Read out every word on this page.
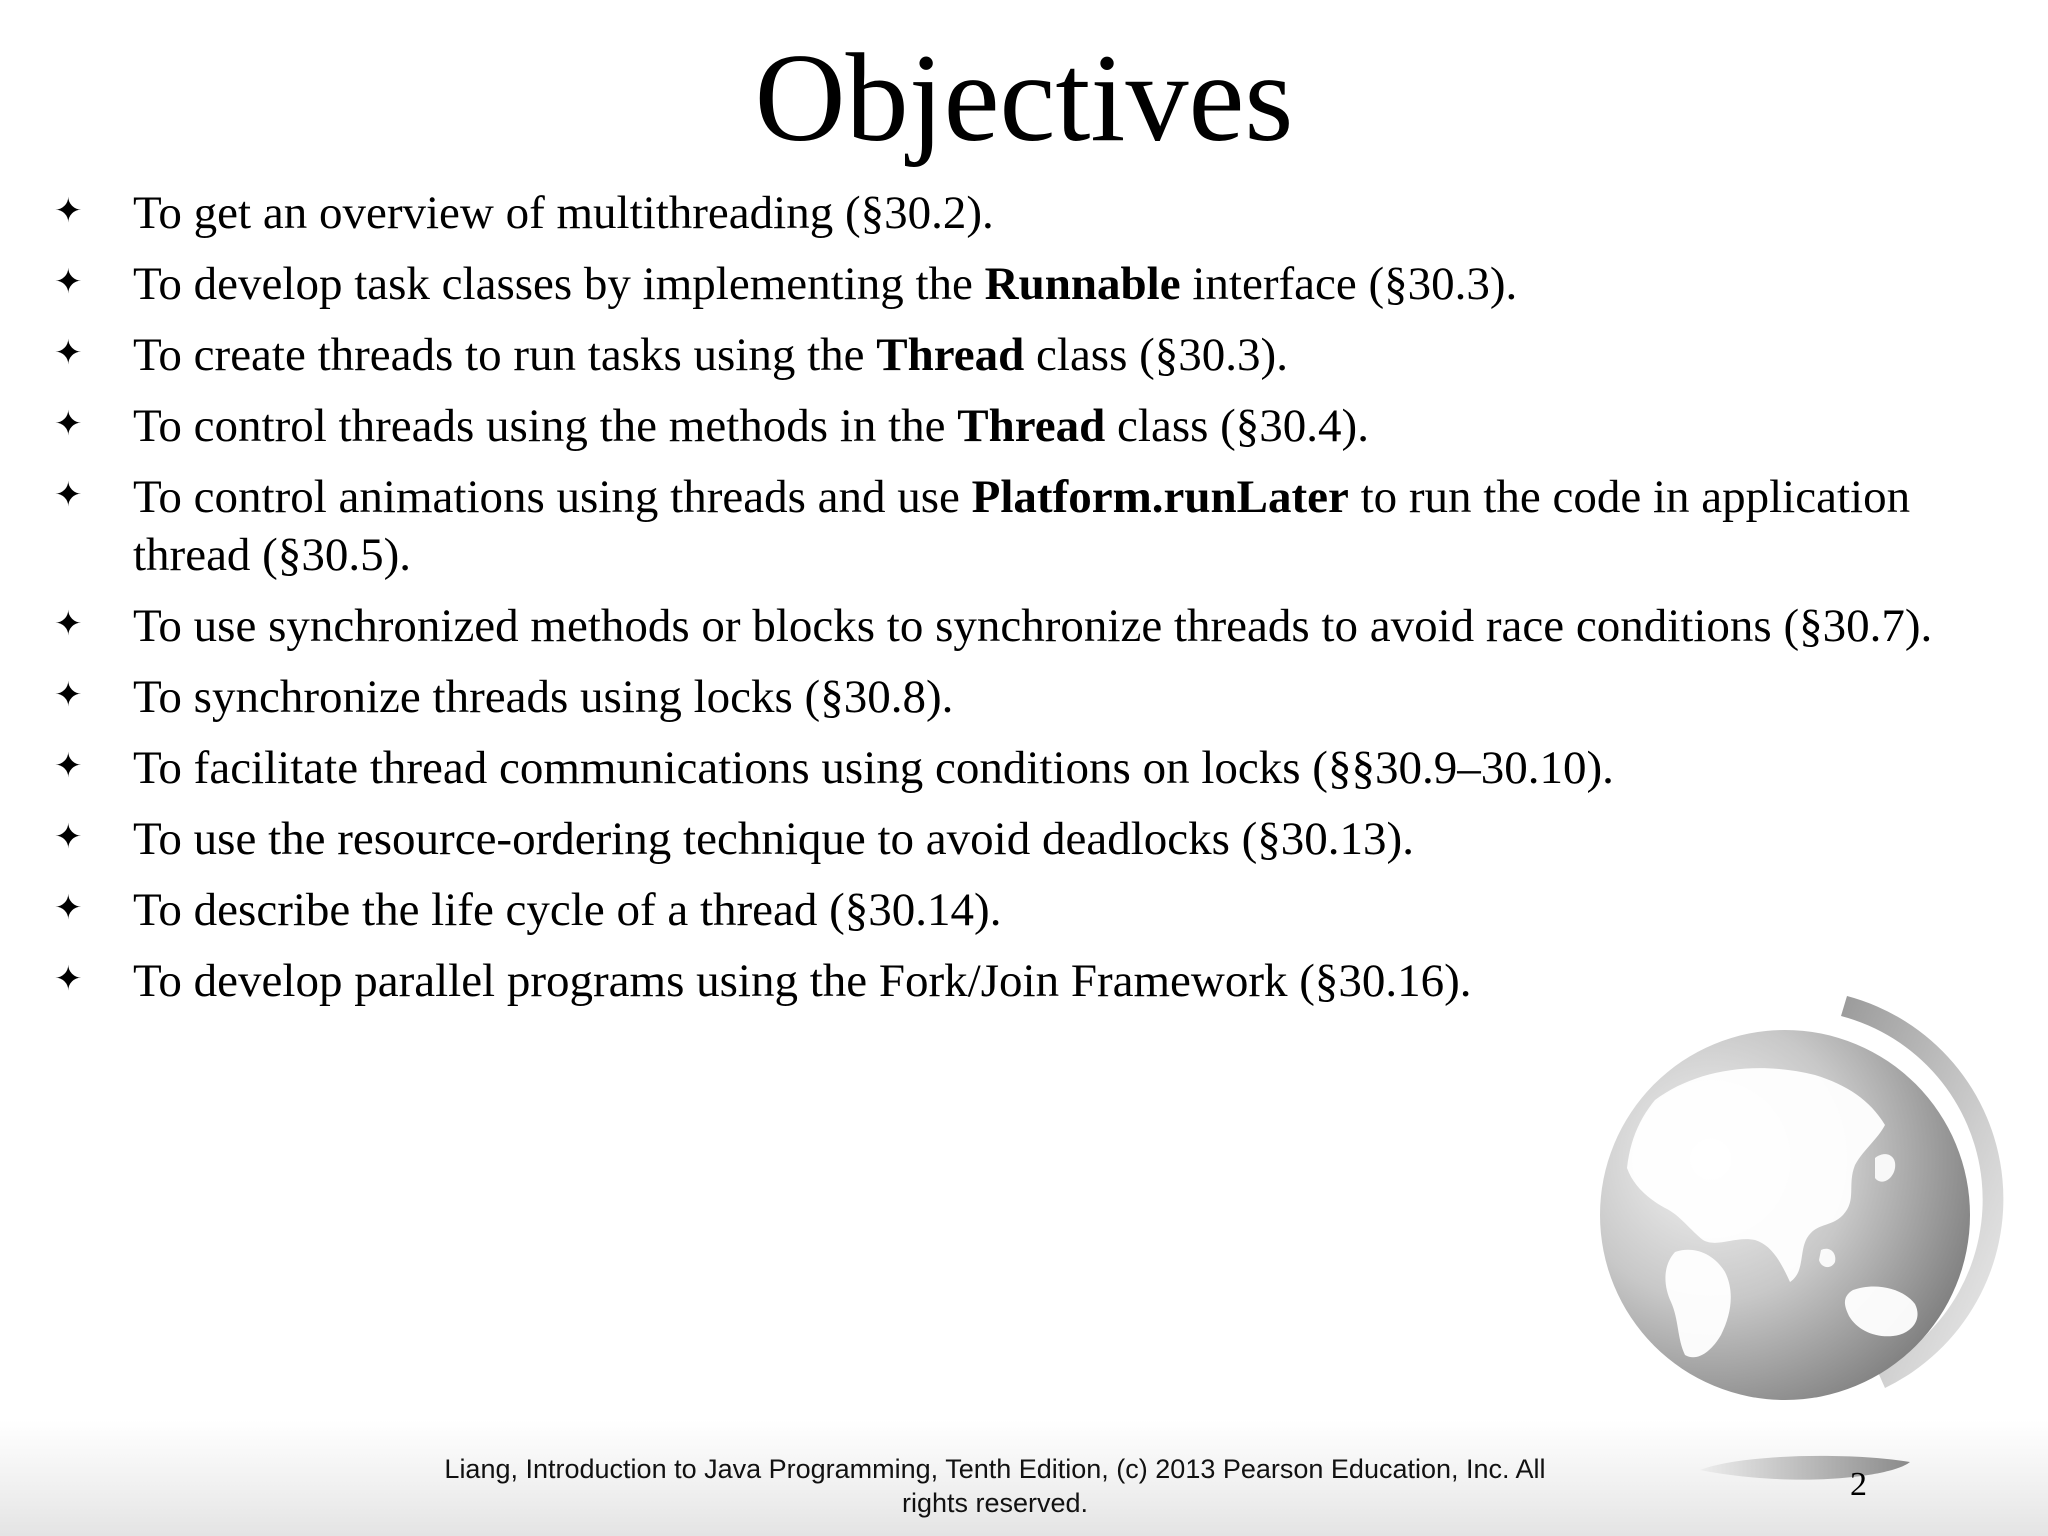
Objectives
✦ To get an overview of multithreading (§30.2).
✦ To develop task classes by implementing the Runnable interface (§30.3).
✦ To create threads to run tasks using the Thread class (§30.3).
✦ To control threads using the methods in the Thread class (§30.4).
✦ To control animations using threads and use Platform.runLater to run the code in application thread (§30.5).
✦ To use synchronized methods or blocks to synchronize threads to avoid race conditions (§30.7).
✦ To synchronize threads using locks (§30.8).
✦ To facilitate thread communications using conditions on locks (§§30.9–30.10).
✦ To use the resource-ordering technique to avoid deadlocks (§30.13).
✦ To describe the life cycle of a thread (§30.14).
✦ To develop parallel programs using the Fork/Join Framework (§30.16).
Liang, Introduction to Java Programming, Tenth Edition, (c) 2013 Pearson Education, Inc. All
rights reserved.	2
